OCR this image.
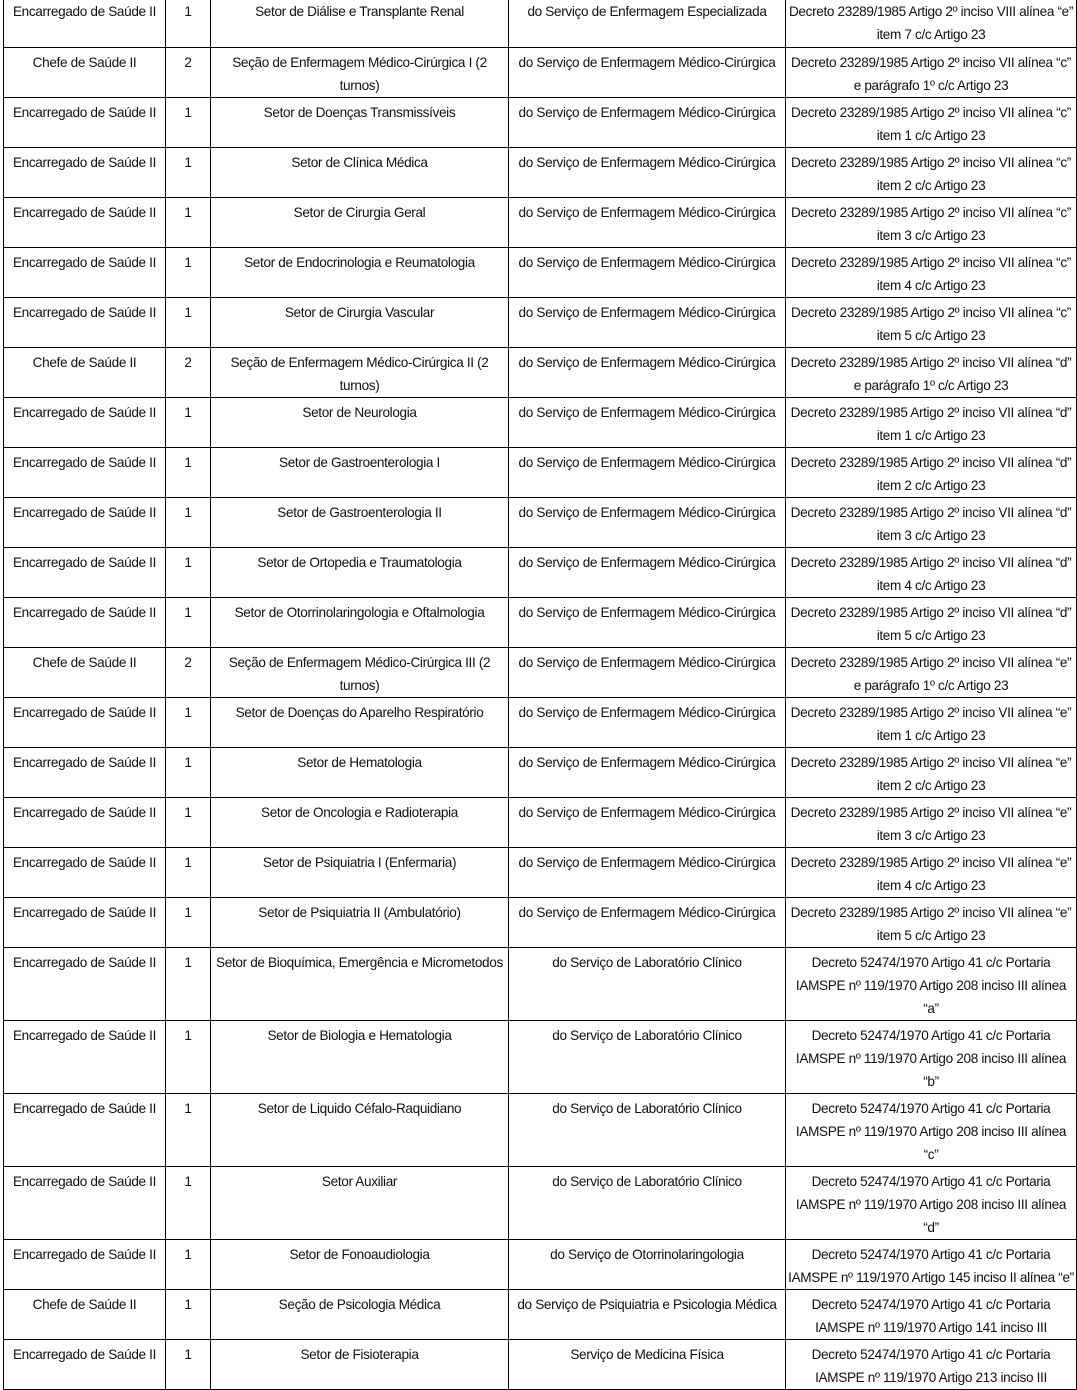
Encarregado de Saúde II	1	Setor de Diálise e Transplante Renal	do Serviço de Enfermagem Especializada	Decreto 23289/1985 Artigo 2º inciso VIII alínea “e” item 7 c/c Artigo 23
Chefe de Saúde II	2	Seção de Enfermagem Médico-Cirúrgica I (2 turnos)	do Serviço de Enfermagem Médico-Cirúrgica	Decreto 23289/1985 Artigo 2º inciso VII alínea “c” e parágrafo 1º c/c Artigo 23
Encarregado de Saúde II	1	Setor de Doenças Transmissíveis	do Serviço de Enfermagem Médico-Cirúrgica	Decreto 23289/1985 Artigo 2º inciso VII alínea “c” item 1 c/c Artigo 23
Encarregado de Saúde II	1	Setor de Clínica Médica	do Serviço de Enfermagem Médico-Cirúrgica	Decreto 23289/1985 Artigo 2º inciso VII alínea “c” item 2 c/c Artigo 23
Encarregado de Saúde II	1	Setor de Cirurgia Geral	do Serviço de Enfermagem Médico-Cirúrgica	Decreto 23289/1985 Artigo 2º inciso VII alínea “c” item 3 c/c Artigo 23
Encarregado de Saúde II	1	Setor de Endocrinologia e Reumatologia	do Serviço de Enfermagem Médico-Cirúrgica	Decreto 23289/1985 Artigo 2º inciso VII alínea “c” item 4 c/c Artigo 23
Encarregado de Saúde II	1	Setor de Cirurgia Vascular	do Serviço de Enfermagem Médico-Cirúrgica	Decreto 23289/1985 Artigo 2º inciso VII alínea “c” item 5 c/c Artigo 23
Chefe de Saúde II	2	Seção de Enfermagem Médico-Cirúrgica II (2 turnos)	do Serviço de Enfermagem Médico-Cirúrgica	Decreto 23289/1985 Artigo 2º inciso VII alínea “d” e parágrafo 1º c/c Artigo 23
Encarregado de Saúde II	1	Setor de Neurologia	do Serviço de Enfermagem Médico-Cirúrgica	Decreto 23289/1985 Artigo 2º inciso VII alínea “d” item 1 c/c Artigo 23
Encarregado de Saúde II	1	Setor de Gastroenterologia I	do Serviço de Enfermagem Médico-Cirúrgica	Decreto 23289/1985 Artigo 2º inciso VII alínea “d” item 2 c/c Artigo 23
Encarregado de Saúde II	1	Setor de Gastroenterologia II	do Serviço de Enfermagem Médico-Cirúrgica	Decreto 23289/1985 Artigo 2º inciso VII alínea “d” item 3 c/c Artigo 23
Encarregado de Saúde II	1	Setor de Ortopedia e Traumatologia	do Serviço de Enfermagem Médico-Cirúrgica	Decreto 23289/1985 Artigo 2º inciso VII alínea “d” item 4 c/c Artigo 23
Encarregado de Saúde II	1	Setor de Otorrinolaringologia e Oftalmologia	do Serviço de Enfermagem Médico-Cirúrgica	Decreto 23289/1985 Artigo 2º inciso VII alínea “d” item 5 c/c Artigo 23
Chefe de Saúde II	2	Seção de Enfermagem Médico-Cirúrgica III (2 turnos)	do Serviço de Enfermagem Médico-Cirúrgica	Decreto 23289/1985 Artigo 2º inciso VII alínea “e” e parágrafo 1º c/c Artigo 23
Encarregado de Saúde II	1	Setor de Doenças do Aparelho Respiratório	do Serviço de Enfermagem Médico-Cirúrgica	Decreto 23289/1985 Artigo 2º inciso VII alínea “e” item 1 c/c Artigo 23
Encarregado de Saúde II	1	Setor de Hematologia	do Serviço de Enfermagem Médico-Cirúrgica	Decreto 23289/1985 Artigo 2º inciso VII alínea “e” item 2 c/c Artigo 23
Encarregado de Saúde II	1	Setor de Oncologia e Radioterapia	do Serviço de Enfermagem Médico-Cirúrgica	Decreto 23289/1985 Artigo 2º inciso VII alínea “e” item 3 c/c Artigo 23
Encarregado de Saúde II	1	Setor de Psiquiatria I (Enfermaria)	do Serviço de Enfermagem Médico-Cirúrgica	Decreto 23289/1985 Artigo 2º inciso VII alínea “e” item 4 c/c Artigo 23
Encarregado de Saúde II	1	Setor de Psiquiatria II (Ambulatório)	do Serviço de Enfermagem Médico-Cirúrgica	Decreto 23289/1985 Artigo 2º inciso VII alínea “e” item 5 c/c Artigo 23
Encarregado de Saúde II	1	Setor de Bioquímica, Emergência e Micrometodos	do Serviço de Laboratório Clínico	Decreto 52474/1970 Artigo 41 c/c Portaria IAMSPE nº 119/1970 Artigo 208 inciso III alínea “a”
Encarregado de Saúde II	1	Setor de Biologia e Hematologia	do Serviço de Laboratório Clínico	Decreto 52474/1970 Artigo 41 c/c Portaria IAMSPE nº 119/1970 Artigo 208 inciso III alínea “b”
Encarregado de Saúde II	1	Setor de Liquido Céfalo-Raquidiano	do Serviço de Laboratório Clínico	Decreto 52474/1970 Artigo 41 c/c Portaria IAMSPE nº 119/1970 Artigo 208 inciso III alínea “c”
Encarregado de Saúde II	1	Setor Auxiliar	do Serviço de Laboratório Clínico	Decreto 52474/1970 Artigo 41 c/c Portaria IAMSPE nº 119/1970 Artigo 208 inciso III alínea “d”
Encarregado de Saúde II	1	Setor de Fonoaudiologia	do Serviço de Otorrinolaringologia	Decreto 52474/1970 Artigo 41 c/c Portaria IAMSPE nº 119/1970 Artigo 145 inciso II alínea “e”
Chefe de Saúde II	1	Seção de Psicologia Médica	do Serviço de Psiquiatria e Psicologia Médica	Decreto 52474/1970 Artigo 41 c/c Portaria IAMSPE nº 119/1970 Artigo 141 inciso III
Encarregado de Saúde II	1	Setor de Fisioterapia	Serviço de Medicina Física	Decreto 52474/1970 Artigo 41 c/c Portaria IAMSPE nº 119/1970 Artigo 213 inciso III
